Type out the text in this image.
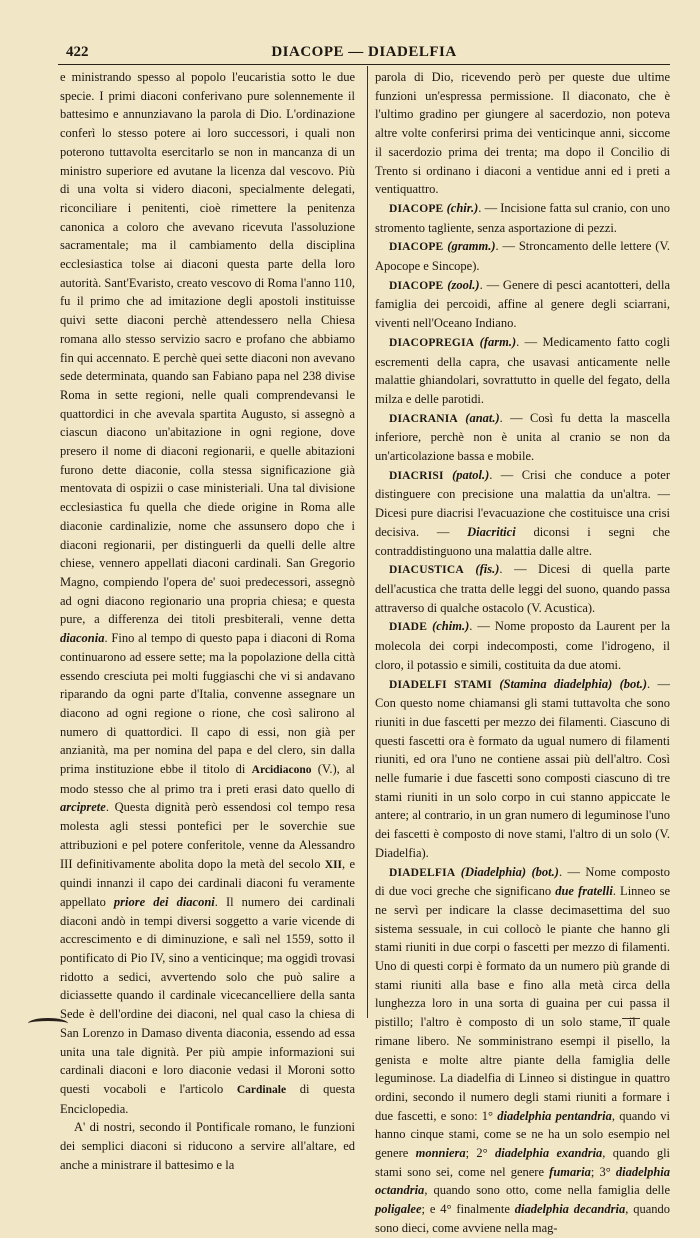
422	DIACOPE — DIADELFIA

e ministrando spesso al popolo l'eucaristia sotto le due specie. I primi diaconi conferivano pure solennemente il battesimo e annunziavano la parola di Dio. L'ordinazione conferì lo stesso potere ai loro successori, i quali non poterono tuttavolta esercitarlo se non in mancanza di un ministro superiore ed avutane la licenza dal vescovo. Più di una volta si videro diaconi, specialmente delegati, riconciliare i penitenti, cioè rimettere la penitenza canonica a coloro che avevano ricevuta l'assoluzione sacramentale; ma il cambiamento della disciplina ecclesiastica tolse ai diaconi questa parte della loro autorità. Sant'Evaristo, creato vescovo di Roma l'anno 110, fu il primo che ad imitazione degli apostoli instituisse quivi sette diaconi perchè attendessero nella Chiesa romana allo stesso servizio sacro e profano che abbiamo fin qui accennato. E perchè quei sette diaconi non avevano sede determinata, quando san Fabiano papa nel 238 divise Roma in sette regioni, nelle quali comprendevansi le quattordici in che avevala spartita Augusto, si assegnò a ciascun diacono un'abitazione in ogni regione, dove presero il nome di diaconi regionarii, e quelle abitazioni furono dette diaconie, colla stessa significazione già mentovata di ospizii o case ministeriali. Una tal divisione ecclesiastica fu quella che diede origine in Roma alle diaconie cardinalizie, nome che assunsero dopo che i diaconi regionarii, per distinguerli da quelli delle altre chiese, vennero appellati diaconi cardinali. San Gregorio Magno, compiendo l'opera de' suoi predecessori, assegnò ad ogni diacono regionario una propria chiesa; e questa pure, a differenza dei titoli presbiterali, venne detta diaconia. Fino al tempo di questo papa i diaconi di Roma continuarono ad essere sette; ma la popolazione della città essendo cresciuta pei molti fuggiaschi che vi si andavano riparando da ogni parte d'Italia, convenne assegnare un diacono ad ogni regione o rione, che così salirono al numero di quattordici. Il capo di essi, non già per anzianità, ma per nomina del papa e del clero, sin dalla prima instituzione ebbe il titolo di Arcidiacono (V.), al modo stesso che al primo tra i preti erasi dato quello di arciprete. Questa dignità però essendosi col tempo resa molesta agli stessi pontefici per le soverchie sue attribuzioni e pel potere conferitole, venne da Alessandro III definitivamente abolita dopo la metà del secolo XII, e quindi innanzi il capo dei cardinali diaconi fu veramente appellato priore dei diaconi. Il numero dei cardinali diaconi andò in tempi diversi soggetto a varie vicende di accrescimento e di diminuzione, e salì nel 1559, sotto il pontificato di Pio IV, sino a venticinque; ma oggidì trovasi ridotto a sedici, avvertendo solo che può salire a diciassette quando il cardinale vicecancelliere della santa Sede è dell'ordine dei diaconi, nel qual caso la chiesa di San Lorenzo in Damaso diventa diaconia, essendo ad essa unita una tale dignità. Per più ampie informazioni sui cardinali diaconi e loro diaconie vedasi il Moroni sotto questi vocaboli e l'articolo Cardinale di questa Enciclopedia.

A' di nostri, secondo il Pontificale romano, le funzioni dei semplici diaconi si riducono a servire all'altare, ed anche a ministrare il battesimo e la

parola di Dio, ricevendo però per queste due ultime funzioni un'espressa permissione. Il diaconato, che è l'ultimo gradino per giungere al sacerdozio, non poteva altre volte conferirsi prima dei venticinque anni, siccome il sacerdozio prima dei trenta; ma dopo il Concilio di Trento si ordinano i diaconi a ventidue anni ed i preti a ventiquattro.

DIACOPE (chir.). — Incisione fatta sul cranio, con uno stromento tagliente, senza asportazione di pezzi.

DIACOPE (gramm.). — Stroncamento delle lettere (V. Apocope e Sincope).

DIACOPE (zool.). — Genere di pesci acantotteri, della famiglia dei percoidi, affine al genere degli sciarrani, viventi nell'Oceano Indiano.

DIACOPREGIA (farm.). — Medicamento fatto cogli escrementi della capra, che usavasi anticamente nelle malattie ghiandolari, sovrattutto in quelle del fegato, della milza e delle parotidi.

DIACRANIA (anat.). — Così fu detta la mascella inferiore, perchè non è unita al cranio se non da un'articolazione bassa e mobile.

DIACRISI (patol.). — Crisi che conduce a poter distinguere con precisione una malattia da un'altra. — Dicesi pure diacrisi l'evacuazione che costituisce una crisi decisiva. — Diacritici diconsi i segni che contraddistinguono una malattia dalle altre.

DIACUSTICA (fis.). — Dicesi di quella parte dell'acustica che tratta delle leggi del suono, quando passa attraverso di qualche ostacolo (V. Acustica).

DIADE (chim.). — Nome proposto da Laurent per la molecola dei corpi indecomposti, come l'idrogeno, il cloro, il potassio e simili, costituita da due atomi.

DIADELFI STAMI (Stamina diadelphia) (bot.). — Con questo nome chiamansi gli stami tuttavolta che sono riuniti in due fascetti per mezzo dei filamenti. Ciascuno di questi fascetti ora è formato da ugual numero di filamenti riuniti, ed ora l'uno ne contiene assai più dell'altro. Così nelle fumarie i due fascetti sono composti ciascuno di tre stami riuniti in un solo corpo in cui stanno appiccate le antere; al contrario, in un gran numero di leguminose l'uno dei fascetti è composto di nove stami, l'altro di un solo (V. Diadelfia).

DIADELFIA (Diadelphia) (bot.). — Nome composto di due voci greche che significano due fratelli. Linneo se ne servì per indicare la classe decimasettima del suo sistema sessuale, in cui collocò le piante che hanno gli stami riuniti in due corpi o fascetti per mezzo di filamenti. Uno di questi corpi è formato da un numero più grande di stami riuniti alla base e fino alla metà circa della lunghezza loro in una sorta di guaina per cui passa il pistillo; l'altro è composto di un solo stame, il quale rimane libero. Ne somministrano esempi il pisello, la genista e molte altre piante della famiglia delle leguminose. La diadelfia di Linneo si distingue in quattro ordini, secondo il numero degli stami riuniti a formare i due fascetti, e sono: 1° diadelphia pentandria, quando vi hanno cinque stami, come se ne ha un solo esempio nel genere monniera; 2° diadelphia exandria, quando gli stami sono sei, come nel genere fumaria; 3° diadelphia octandria, quando sono otto, come nella famiglia delle poligalee; e 4° finalmente diadelphia decandria, quando sono dieci, come avviene nella mag-
